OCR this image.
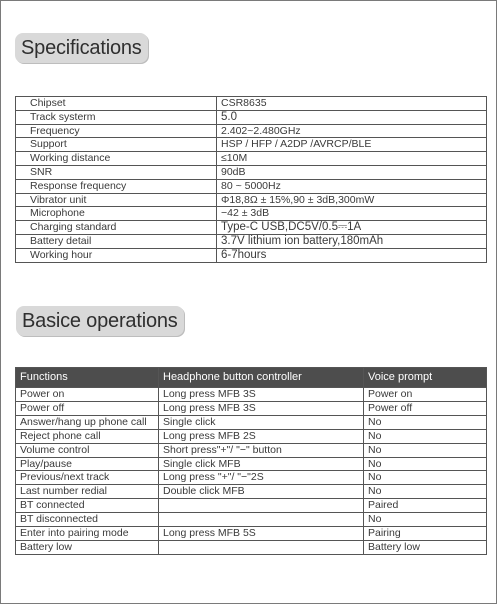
Specifications
Chipset	CSR8635
Track systerm	5.0
Frequency	2.402~2.480GHz
Support	HSP / HFP / A2DP /AVRCP/BLE
Working distance	≤10M
SNR	90dB
Response frequency	80 ~ 5000Hz
Vibrator unit	Φ18,8Ω ± 15%,90 ± 3dB,300mW
Microphone	−42 ± 3dB
Charging standard	Type-C USB,DC5V/0.5⎓1A
Battery detail	3.7V lithium ion battery,180mAh
Working hour	6-7hours
Basice operations
Functions	Headphone button controller	Voice prompt
Power on	Long press MFB 3S	Power on
Power off	Long press MFB 3S	Power off
Answer/hang up phone call	Single click	No
Reject phone call	Long press MFB 2S	No
Volume control	Short press"+"/ "−" button	No
Play/pause	Single click MFB	No
Previous/next track	Long press "+"/ "−"2S	No
Last number redial	Double click MFB	No
BT connected		Paired
BT disconnected		No
Enter into pairing mode	Long press MFB 5S	Pairing
Battery low		Battery low
